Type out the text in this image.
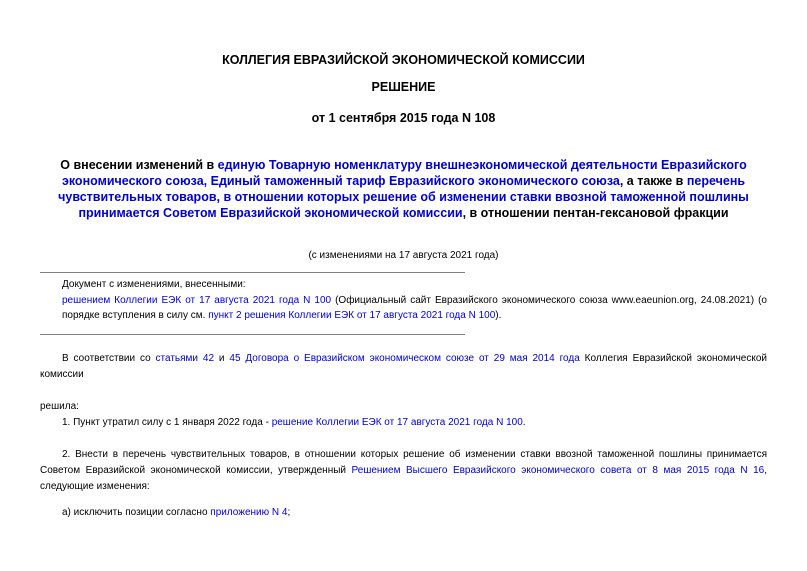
КОЛЛЕГИЯ ЕВРАЗИЙСКОЙ ЭКОНОМИЧЕСКОЙ КОМИССИИ
РЕШЕНИЕ
от 1 сентября 2015 года N 108
О внесении изменений в единую Товарную номенклатуру внешнеэкономической деятельности Евразийского экономического союза, Единый таможенный тариф Евразийского экономического союза, а также в перечень чувствительных товаров, в отношении которых решение об изменении ставки ввозной таможенной пошлины принимается Советом Евразийской экономической комиссии, в отношении пентан-гексановой фракции
(с изменениями на 17 августа 2021 года)
Документ с изменениями, внесенными:
решением Коллегии ЕЭК от 17 августа 2021 года N 100 (Официальный сайт Евразийского экономического союза www.eaeunion.org, 24.08.2021) (о порядке вступления в силу см. пункт 2 решения Коллегии ЕЭК от 17 августа 2021 года N 100).
В соответствии со статьями 42 и 45 Договора о Евразийском экономическом союзе от 29 мая 2014 года Коллегия Евразийской экономической комиссии
решила:
1. Пункт утратил силу с 1 января 2022 года - решение Коллегии ЕЭК от 17 августа 2021 года N 100.
2. Внести в перечень чувствительных товаров, в отношении которых решение об изменении ставки ввозной таможенной пошлины принимается Советом Евразийской экономической комиссии, утвержденный Решением Высшего Евразийского экономического совета от 8 мая 2015 года N 16, следующие изменения:
а) исключить позиции согласно приложению N 4;
